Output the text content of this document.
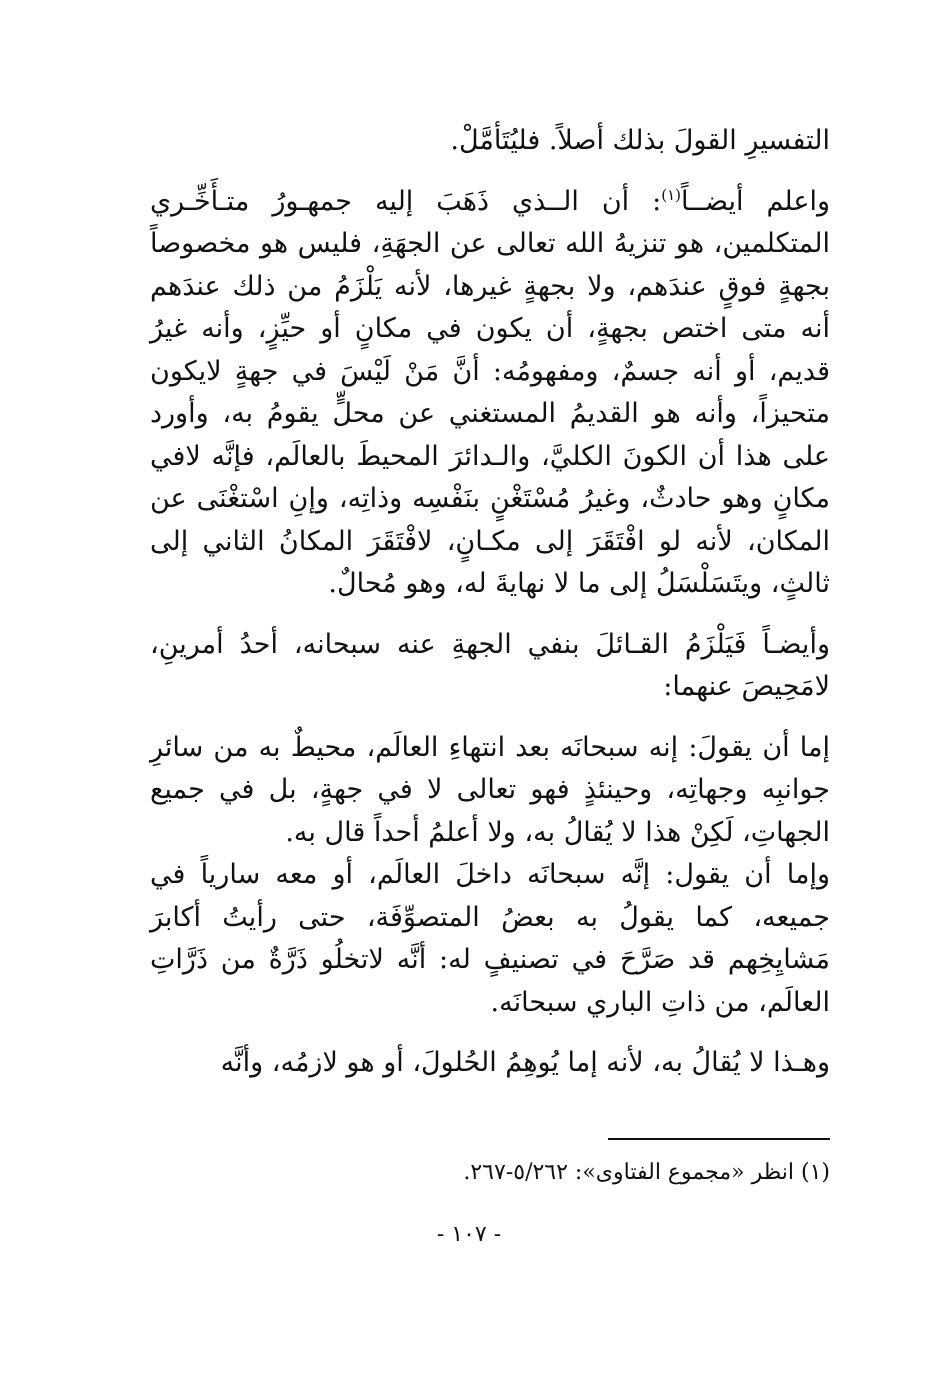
التفسيرِ القولَ بذلك أصلاً. فليُتَأمَّلْ.

واعلم أيضــاً$^{(١)}$: أن الــذي ذَهَبَ إليه جمهـورُ متـأَخِّـري المتكلمين، هو تنزيهُ الله تعالى عن الجهَةِ، فليس هو مخصوصاً بجهةٍ فوقٍ عندَهم، ولا بجهةٍ غيرها، لأنه يَلْزَمُ من ذلك عندَهم أنه متى اختص بجهةٍ، أن يكون في مكانٍ أو حيِّزٍ، وأنه غيرُ قديم، أو أنه جسمٌ، ومفهومُه: أنَّ مَنْ لَيْسَ في جهةٍ لايكون متحيزاً، وأنه هو القديمُ المستغني عن محلٍّ يقومُ به، وأورد على هذا أن الكونَ الكليَّ، والـدائرَ المحيطَ بالعالَم، فإنَّه لافي مكانٍ وهو حادثٌ، وغيرُ مُسْتَغْنٍ بنَفْسِه وذاتِه، وإنِ اسْتغْنَى عن المكان، لأنه لو افْتَقَرَ إلى مكـانٍ، لافْتَقَرَ المكانُ الثاني إلى ثالثٍ، ويتَسَلْسَلُ إلى ما لا نهايةَ له، وهو مُحالٌ.

وأيضـاً فَيَلْزَمُ القـائلَ بنفي الجهةِ عنه سبحانه، أحدُ أمرينِ، لامَحِيصَ عنهما:

إما أن يقولَ: إنه سبحانَه بعد انتهاءِ العالَم، محيطٌ به من سائرِ جوانبِه وجهاتِه، وحينئذٍ فهو تعالى لا في جهةٍ، بل في جميع الجهاتِ، لَكِنْ هذا لا يُقالُ به، ولا أعلمُ أحداً قال به.

وإما أن يقول: إنَّه سبحانَه داخلَ العالَم، أو معه سارياً في جميعه، كما يقولُ به بعضُ المتصوِّفَة، حتى رأيتُ أكابرَ مَشايِخِهم قد صَرَّحَ في تصنيفٍ له: أنَّه لاتخلُو ذَرَّةٌ من ذَرَّاتِ العالَم، من ذاتِ الباري سبحانَه.

وهـذا لا يُقالُ به، لأنه إما يُوهِمُ الحُلولَ، أو هو لازمُه، وأنَّه

(١) انظر «مجموع الفتاوى»: ٥/٢٦٢-٢٦٧.
- ١٠٧ -
